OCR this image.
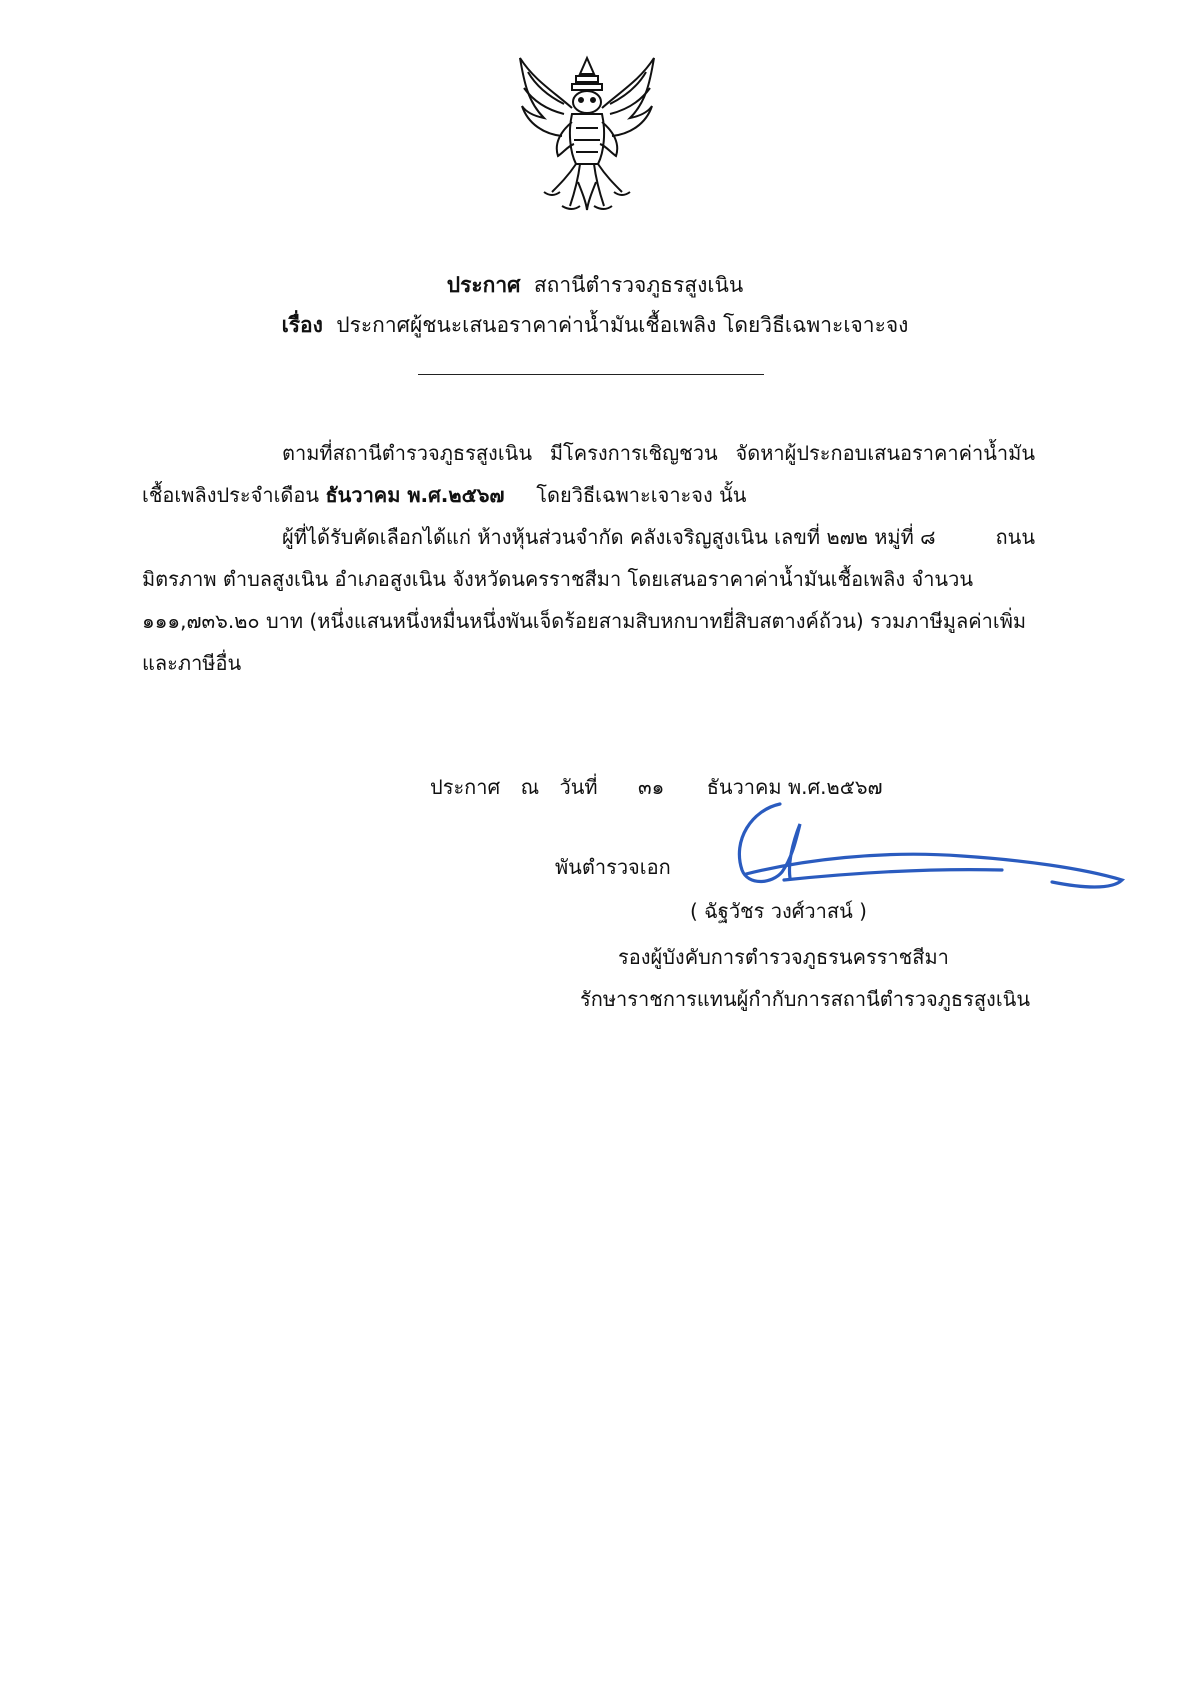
ประกาศ สถานีตำรวจภูธรสูงเนิน
เรื่อง ประกาศผู้ชนะเสนอราคาค่าน้ำมันเชื้อเพลิง โดยวิธีเฉพาะเจาะจง
ตามที่สถานีตำรวจภูธรสูงเนิน มีโครงการเชิญชวน จัดหาผู้ประกอบเสนอราคาค่าน้ำมัน
เชื้อเพลิงประจำเดือน ธันวาคม พ.ศ.๒๕๖๗ โดยวิธีเฉพาะเจาะจง นั้น
ผู้ที่ได้รับคัดเลือกได้แก่ ห้างหุ้นส่วนจำกัด คลังเจริญสูงเนิน เลขที่ ๒๗๒ หมู่ที่ ๘	ถนน
มิตรภาพ ตำบลสูงเนิน อำเภอสูงเนิน จังหวัดนครราชสีมา โดยเสนอราคาค่าน้ำมันเชื้อเพลิง จำนวน
๑๑๑,๗๓๖.๒๐ บาท (หนึ่งแสนหนึ่งหมื่นหนึ่งพันเจ็ดร้อยสามสิบหกบาทยี่สิบสตางค์ถ้วน) รวมภาษีมูลค่าเพิ่ม
และภาษีอื่น
ประกาศ ณ วันที่ ๓๑ ธันวาคม พ.ศ.๒๕๖๗
พันตำรวจเอก
( ฉัฐวัชร วงศ์วาสน์ )
รองผู้บังคับการตำรวจภูธรนครราชสีมา
รักษาราชการแทนผู้กำกับการสถานีตำรวจภูธรสูงเนิน
